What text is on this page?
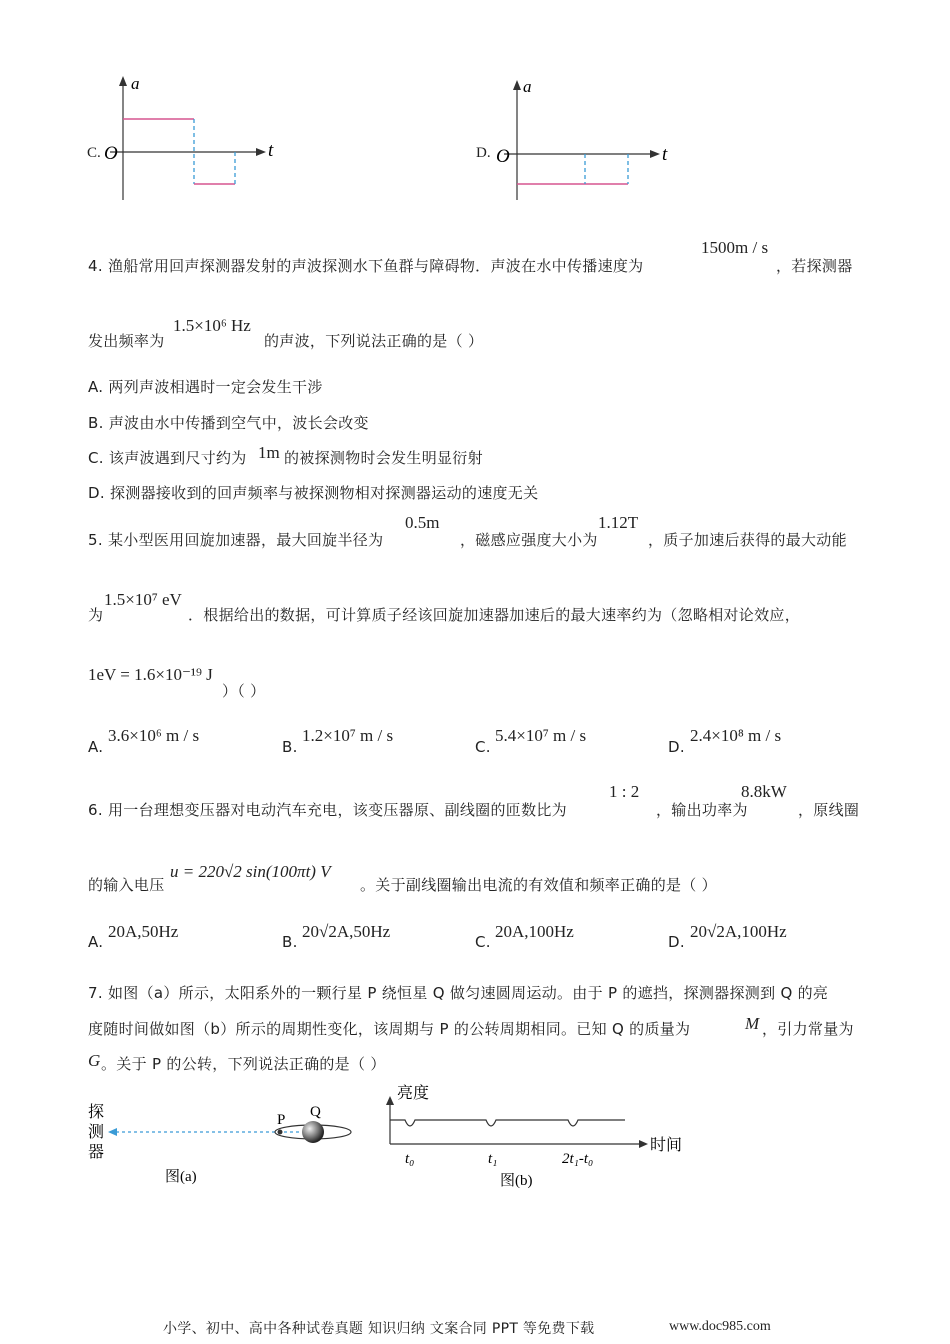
C. O	t
a
D. O	t
a
4. 渔船常用回声探测器发射的声波探测水下鱼群与障碍物．声波在水中传播速度为
1500m / s
，若探测器
发出频率为
1.5×10⁶ Hz
的声波，下列说法正确的是（ ）
A. 两列声波相遇时一定会发生干涉
B. 声波由水中传播到空气中，波长会改变
C. 该声波遇到尺寸约为 1m 的被探测物时会发生明显衍射
D. 探测器接收到的回声频率与被探测物相对探测器运动的速度无关
5. 某小型医用回旋加速器，最大回旋半径为
0.5m
，磁感应强度大小为
1.12T
，质子加速后获得的最大动能
为
1.5×10⁷ eV
．根据给出的数据，可计算质子经该回旋加速器加速后的最大速率约为（忽略相对论效应，
1eV = 1.6×10⁻¹⁹ J
）（ ）
A.
3.6×10⁶ m / s
B.
1.2×10⁷ m / s
C.
5.4×10⁷ m / s
D.
2.4×10⁸ m / s
6. 用一台理想变压器对电动汽车充电，该变压器原、副线圈的匝数比为
1 : 2
，输出功率为
8.8kW
，原线圈
的输入电压
u = 220√2 sin(100πt) V
。关于副线圈输出电流的有效值和频率正确的是（ ）
A.
20A,50Hz
B.
20√2A,50Hz
C.
20A,100Hz
D.
20√2A,100Hz
7. 如图（a）所示，太阳系外的一颗行星 P 绕恒星 Q 做匀速圆周运动。由于 P 的遮挡，探测器探测到 Q 的亮
度随时间做如图（b）所示的周期性变化，该周期与 P 的公转周期相同。已知 Q 的质量为	M ，引力常量为
G 。关于 P 的公转，下列说法正确的是（ ）
探
测
器
P Q
图(a)
亮度
时间
t₀	t₁	2t₁-t₀
图(b)
小学、初中、高中各种试卷真题 知识归纳 文案合同 PPT 等免费下载	www.doc985.com
